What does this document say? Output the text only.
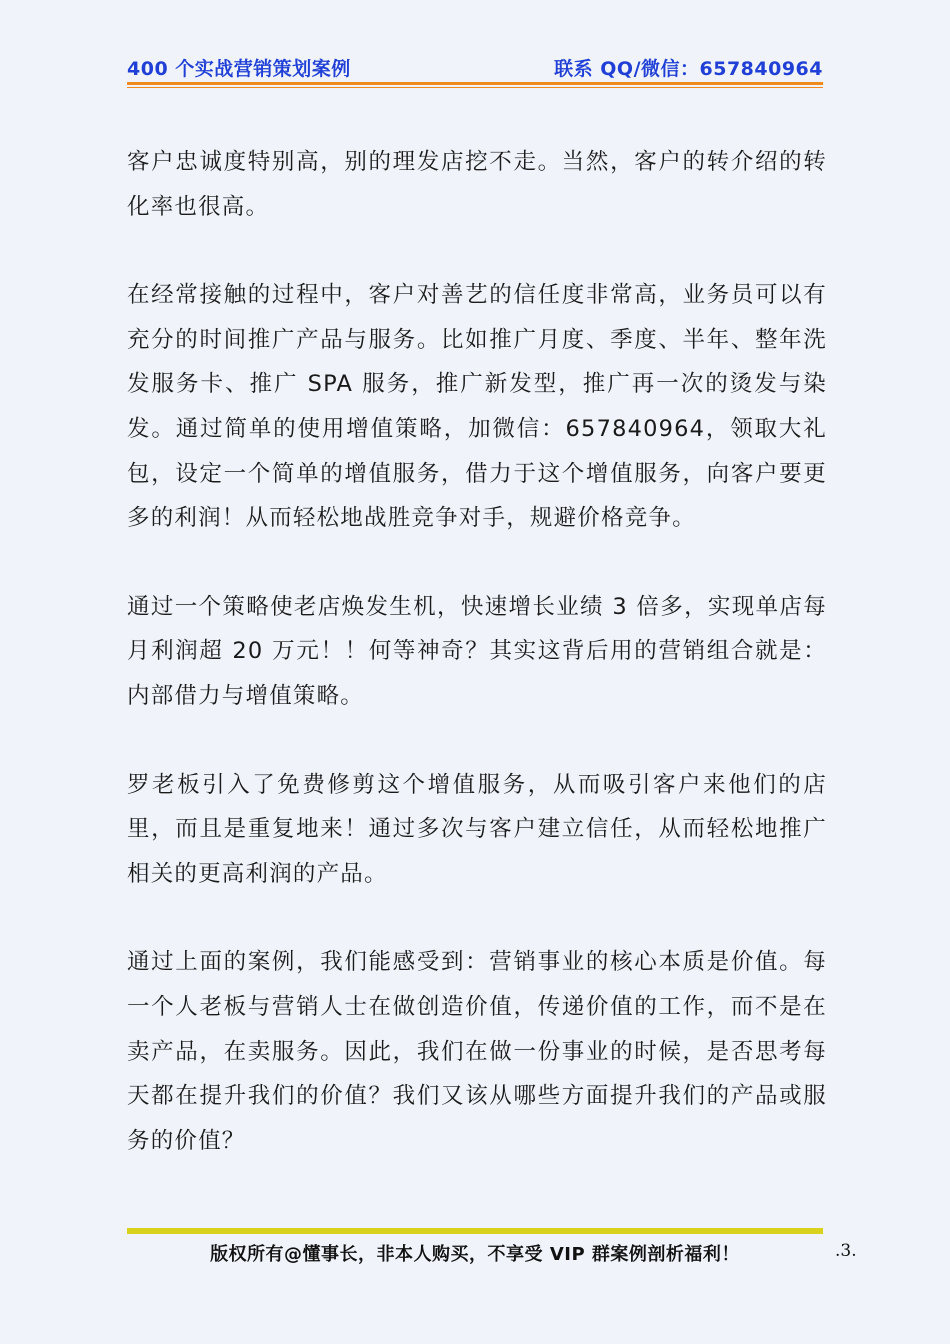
400 个实战营销策划案例	联系 QQ/微信：657840964

客户忠诚度特别高，别的理发店挖不走。当然，客户的转介绍的转化率也很高。

在经常接触的过程中，客户对善艺的信任度非常高，业务员可以有充分的时间推广产品与服务。比如推广月度、季度、半年、整年洗发服务卡、推广 SPA 服务，推广新发型，推广再一次的烫发与染发。通过简单的使用增值策略，加微信：657840964，领取大礼包，设定一个简单的增值服务，借力于这个增值服务，向客户要更多的利润！从而轻松地战胜竞争对手，规避价格竞争。

通过一个策略使老店焕发生机，快速增长业绩 3 倍多，实现单店每月利润超 20 万元！！何等神奇？其实这背后用的营销组合就是：内部借力与增值策略。

罗老板引入了免费修剪这个增值服务，从而吸引客户来他们的店里，而且是重复地来！通过多次与客户建立信任，从而轻松地推广相关的更高利润的产品。

通过上面的案例，我们能感受到：营销事业的核心本质是价值。每一个人老板与营销人士在做创造价值，传递价值的工作，而不是在卖产品，在卖服务。因此，我们在做一份事业的时候，是否思考每天都在提升我们的价值？我们又该从哪些方面提升我们的产品或服务的价值？

版权所有@懂事长，非本人购买，不享受 VIP 群案例剖析福利！	.3.
